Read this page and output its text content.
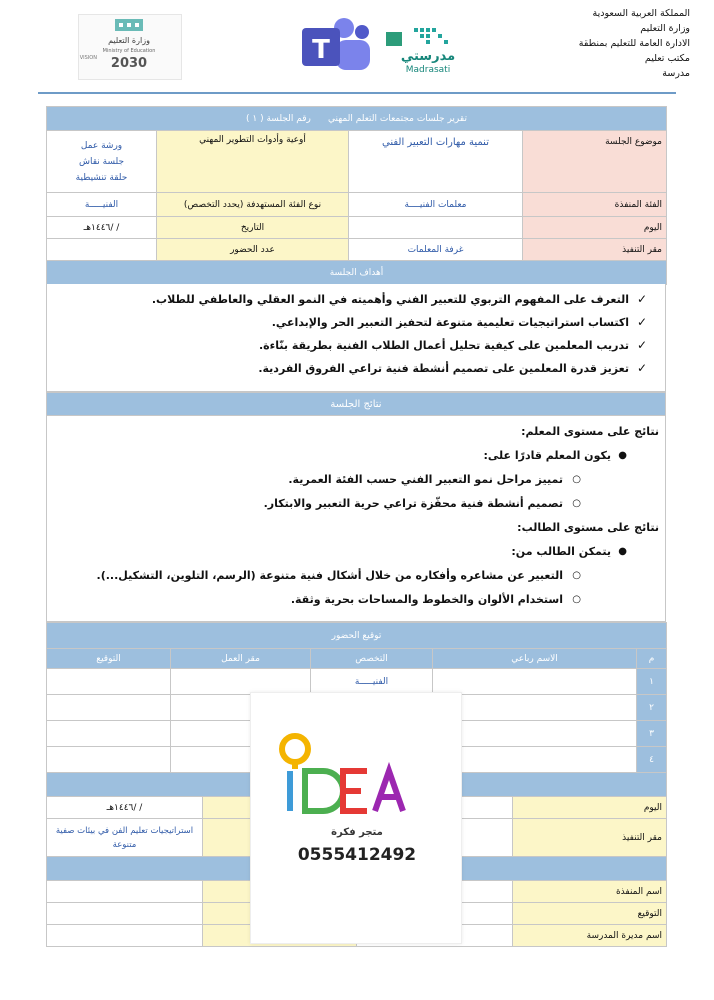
المملكة العربية السعودية
وزارة التعليم
الادارة العامة للتعليم بمنطقة
مكتب تعليم
مدرسة
وزارة التعليم
Ministry of Education
2030
VISION	T	مدرستي
Madrasati
تقرير جلسات مجتمعات التعلم المهني      رقم الجلسة ( ١ )			
موضوع الجلسة	تنمية مهارات التعبير الفني	أوعية وأدوات التطوير المهني	ورشة عمل
جلسة نقاش
حلقة تنشيطية

الفئة المنفذة	معلمات الفنيــــة	نوع الفئة المستهدفة (يحدد التخصص)	الفنيـــــة
اليوم		التاريخ	/ /١٤٤٦هـ
مقر التنفيذ	غرفة المعلمات	عدد الحضور	
أهداف الجلسة			
✓
التعرف على المفهوم التربوي للتعبير الفني وأهميته في النمو العقلي والعاطفي للطلاب.
✓
اكتساب استراتيجيات تعليمية متنوعة لتحفيز التعبير الحر والإبداعي.
✓
تدريب المعلمين على كيفية تحليل أعمال الطلاب الفنية بطريقة بنّاءة.
✓
تعزيز قدرة المعلمين على تصميم أنشطة فنية تراعي الفروق الفردية.
نتائج الجلسة
نتائج على مستوى المعلم:
●
يكون المعلم قادرًا على:
○
تمييز مراحل نمو التعبير الفني حسب الفئة العمرية.
○
تصميم أنشطة فنية محفّزة تراعي حرية التعبير والابتكار.
نتائج على مستوى الطالب:
●
يتمكن الطالب من:
○
التعبير عن مشاعره وأفكاره من خلال أشكال فنية متنوعة (الرسم، التلوين، التشكيل...).
○
استخدام الألوان والخطوط والمساحات بحرية وثقة.
توقيع الحضور				
م	الاسم رباعي	التخصص	مقر العمل	التوقيع
١		الفنيـــــة		
٢				
٣				
٤				

اليوم			/ /١٤٤٦هـ
مقر التنفيذ			استراتيجيات تعليم الفن في بيئات صفية متنوعة

اسم المنفذة			
التوقيع			
اسم مديرة المدرسة			
متجر فكرة
0555412492
